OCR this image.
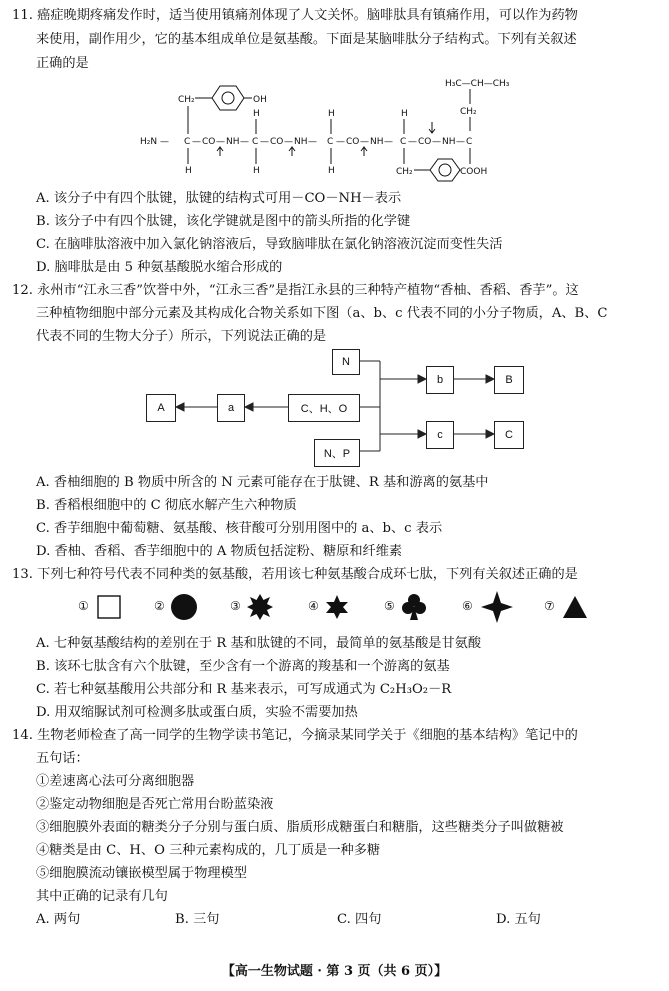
11. 癌症晚期疼痛发作时，适当使用镇痛剂体现了人文关怀。脑啡肽具有镇痛作用，可以作为药物
来使用，副作用少，它的基本组成单位是氨基酸。下面是某脑啡肽分子结构式。下列有关叙述
正确的是
H₃C—CH—CH₃
CH₂
CH₂	OH
H	H	H
H₂N — C — CO — NH — C — CO — NH — C — CO — NH — C — CO — NH — C
H	H	H	CH₂	COOH
A. 该分子中有四个肽键，肽键的结构式可用－CO－NH－表示
B. 该分子中有四个肽键，该化学键就是图中的箭头所指的化学键
C. 在脑啡肽溶液中加入氯化钠溶液后，导致脑啡肽在氯化钠溶液沉淀而变性失活
D. 脑啡肽是由 5 种氨基酸脱水缩合形成的
12. 永州市“江永三香”饮誉中外，“江永三香”是指江永县的三种特产植物“香柚、香稻、香芋”。这
三种植物细胞中部分元素及其构成化合物关系如下图（a、b、c 代表不同的小分子物质，A、B、C
代表不同的生物大分子）所示，下列说法正确的是
N
A	a	C、H、O
b	B
c	C
N、P
A. 香柚细胞的 B 物质中所含的 N 元素可能存在于肽键、R 基和游离的氨基中
B. 香稻根细胞中的 C 彻底水解产生六种物质
C. 香芋细胞中葡萄糖、氨基酸、核苷酸可分别用图中的 a、b、c 表示
D. 香柚、香稻、香芋细胞中的 A 物质包括淀粉、糖原和纤维素
13. 下列七种符号代表不同种类的氨基酸，若用该七种氨基酸合成环七肽，下列有关叙述正确的是
①	②	③	④	⑤	⑥	⑦
A. 七种氨基酸结构的差别在于 R 基和肽键的不同，最简单的氨基酸是甘氨酸
B. 该环七肽含有六个肽键，至少含有一个游离的羧基和一个游离的氨基
C. 若七种氨基酸用公共部分和 R 基来表示，可写成通式为 C₂H₃O₂－R
D. 用双缩脲试剂可检测多肽或蛋白质，实验不需要加热
14. 生物老师检查了高一同学的生物学读书笔记，今摘录某同学关于《细胞的基本结构》笔记中的
五句话：
①差速离心法可分离细胞器
②鉴定动物细胞是否死亡常用台盼蓝染液
③细胞膜外表面的糖类分子分别与蛋白质、脂质形成糖蛋白和糖脂，这些糖类分子叫做糖被
④糖类是由 C、H、O 三种元素构成的，几丁质是一种多糖
⑤细胞膜流动镶嵌模型属于物理模型
其中正确的记录有几句
A. 两句	B. 三句	C. 四句	D. 五句
【高一生物试题 · 第 3 页（共 6 页）】
